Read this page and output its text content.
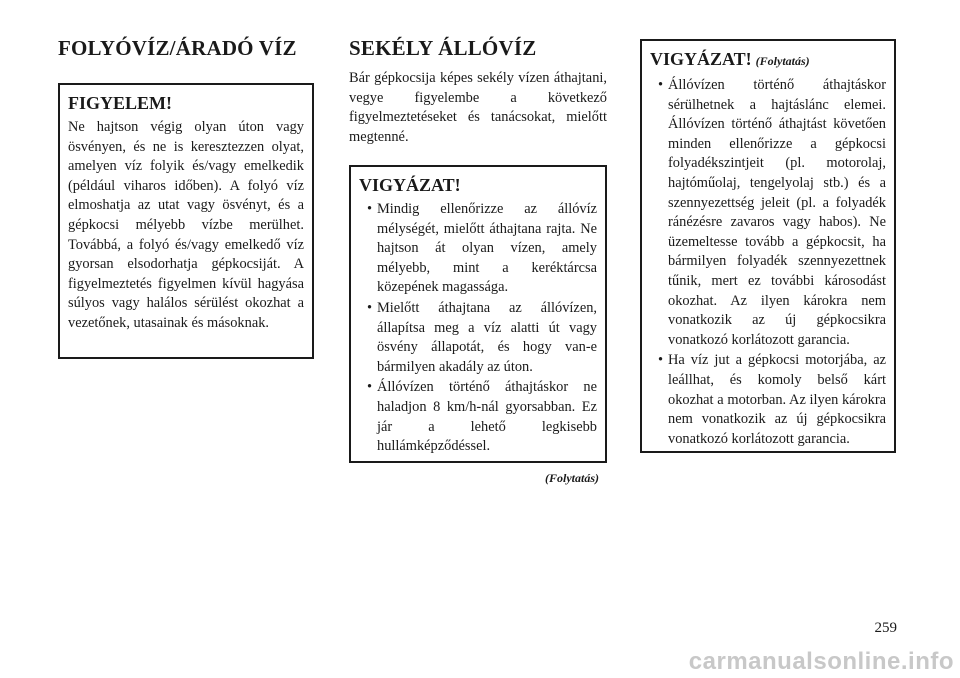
FOLYÓVÍZ/ÁRADÓ VÍZ
FIGYELEM!

Ne hajtson végig olyan úton vagy ösvényen, és ne is keresztezzen olyat, amelyen víz folyik és/vagy emelkedik (például viharos időben). A folyó víz elmoshatja az utat vagy ösvényt, és a gépkocsi mélyebb vízbe merülhet. Továbbá, a folyó és/vagy emelkedő víz gyorsan elsodorhatja gépkocsiját. A figyelmeztetés figyelmen kívül hagyása súlyos vagy halálos sérülést okozhat a vezetőnek, utasainak és másoknak.

SEKÉLY ÁLLÓVÍZ

Bár gépkocsija képes sekély vízen áthajtani, vegye figyelembe a következő figyelmeztetéseket és tanácsokat, mielőtt megtenné.

VIGYÁZAT!
• Mindig ellenőrizze az állóvíz mélységét, mielőtt áthajtana rajta. Ne hajtson át olyan vízen, amely mélyebb, mint a keréktárcsa közepének magassága.
• Mielőtt áthajtana az állóvízen, állapítsa meg a víz alatti út vagy ösvény állapotát, és hogy van-e bármilyen akadály az úton.
• Állóvízen történő áthajtáskor ne haladjon 8 km/h-nál gyorsabban. Ez jár a lehető legkisebb hullámképződéssel.
(Folytatás)
VIGYÁZAT! (Folytatás)
• Állóvízen történő áthajtáskor sérülhetnek a hajtáslánc elemei. Állóvízen történő áthajtást követően minden ellenőrizze a gépkocsi folyadékszintjeit (pl. motorolaj, hajtóműolaj, tengelyolaj stb.) és a szennyezettség jeleit (pl. a folyadék ránézésre zavaros vagy habos). Ne üzemeltesse tovább a gépkocsit, ha bármilyen folyadék szennyezettnek tűnik, mert ez további károsodást okozhat. Az ilyen károkra nem vonatkozik az új gépkocsikra vonatkozó korlátozott garancia.
• Ha víz jut a gépkocsi motorjába, az leállhat, és komoly belső kárt okozhat a motorban. Az ilyen károkra nem vonatkozik az új gépkocsikra vonatkozó korlátozott garancia.
259
carmanualsonline.info
